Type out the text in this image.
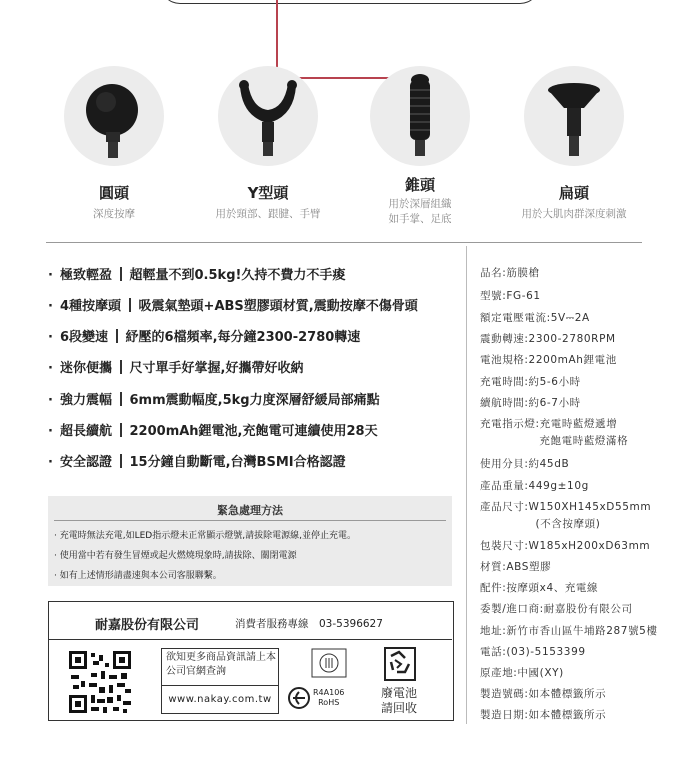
圓頭
深度按摩
Y型頭
用於頸部、跟腱、手臂
錐頭
用於深層組織
如手掌、足底
扁頭
用於大肌肉群深度刺激
· 極致輕盈 超輕量不到0.5kg!久持不費力不手痠
· 4種按摩頭 吸震氣墊頭+ABS塑膠頭材質,震動按摩不傷骨頭
· 6段變速 紓壓的6檔頻率,每分鐘2300-2780轉速
· 迷你便攜 尺寸單手好掌握,好攜帶好收納
· 強力震幅 6mm震動幅度,5kg力度深層舒緩局部痛點
· 超長續航 2200mAh鋰電池,充飽電可連續使用28天
· 安全認證 15分鐘自動斷電,台灣BSMI合格認證
緊急處理方法
· 充電時無法充電,如LED指示燈未正常顯示燈號,請拔除電源線,並停止充電。
· 使用當中若有發生冒煙或起火燃燒現象時,請拔除、關閉電源
· 如有上述情形請盡速與本公司客服聯繫。
耐嘉股份有限公司	消費者服務專線　03-5396627
欲知更多商品資訊請上本公司官網查詢
www.nakay.com.tw
R4A106
RoHS
廢電池
請回收
品名:筋膜槍
型號:FG-61
額定電壓電流:5V⎓2A
震動轉速:2300-2780RPM
電池規格:2200mAh鋰電池
充電時間:約5-6小時
續航時間:約6-7小時
充電指示燈:充電時藍燈遞增
　　　　　 充飽電時藍燈滿格
使用分貝:約45dB
產品重量:449g±10g
產品尺寸:W150XH145xD55mm
　　　　　(不含按摩頭)
包裝尺寸:W185xH200xD63mm
材質:ABS塑膠
配件:按摩頭x4、充電線
委製/進口商:耐嘉股份有限公司
地址:新竹市香山區牛埔路287號5樓
電話:(03)-5153399
原產地:中國(XY)
製造號碼:如本體標籤所示
製造日期:如本體標籤所示
